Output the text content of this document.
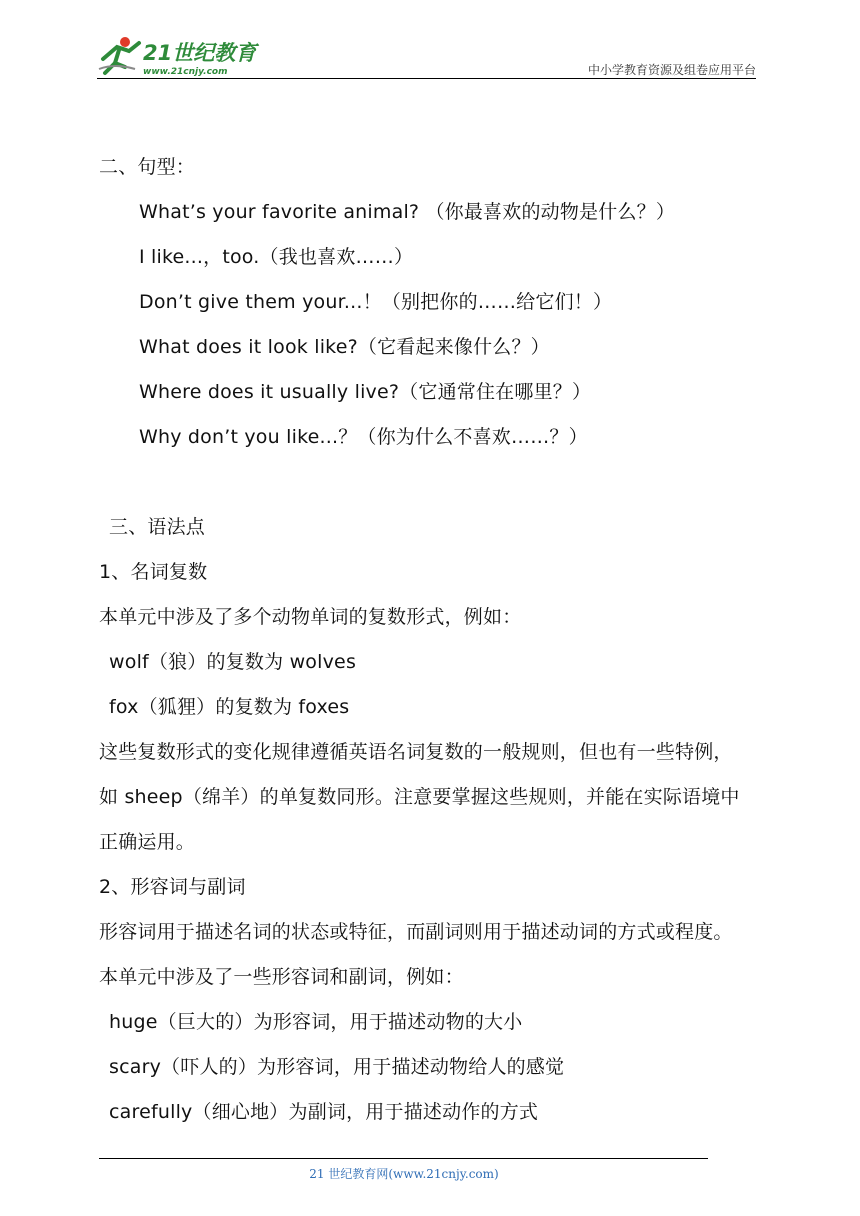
21世纪教育
www.21cnjy.com	中小学教育资源及组卷应用平台
二、句型：
What’s your favorite animal? （你最喜欢的动物是什么？）
I like...，too.（我也喜欢……）
Don’t give them your...！（别把你的……给它们！）
What does it look like?（它看起来像什么？）
Where does it usually live?（它通常住在哪里？）
Why don’t you like...？（你为什么不喜欢……？）
三、语法点
1、名词复数
本单元中涉及了多个动物单词的复数形式，例如：
wolf（狼）的复数为 wolves
fox（狐狸）的复数为 foxes
这些复数形式的变化规律遵循英语名词复数的一般规则，但也有一些特例，
如 sheep（绵羊）的单复数同形。注意要掌握这些规则，并能在实际语境中
正确运用。
2、形容词与副词
形容词用于描述名词的状态或特征，而副词则用于描述动词的方式或程度。
本单元中涉及了一些形容词和副词，例如：
huge（巨大的）为形容词，用于描述动物的大小
scary（吓人的）为形容词，用于描述动物给人的感觉
carefully（细心地）为副词，用于描述动作的方式
21 世纪教育网(www.21cnjy.com)
